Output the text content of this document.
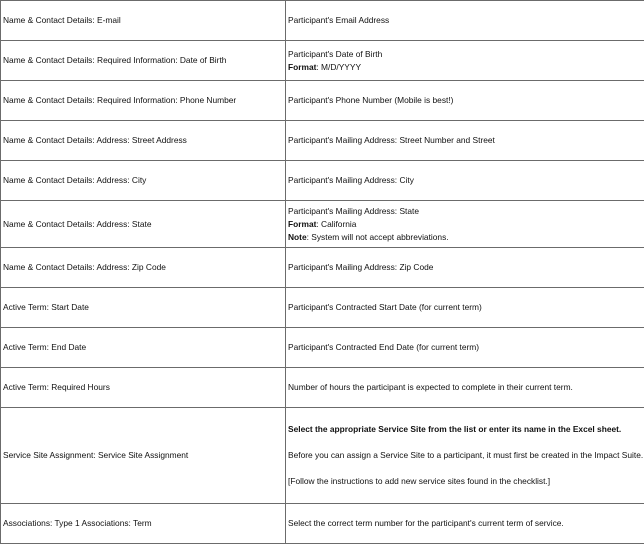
Name & Contact Details: E-mail	Participant's Email Address
Name & Contact Details: Required Information: Date of Birth	Participant's Date of Birth

Format: M/D/YYYY

Name & Contact Details: Required Information: Phone Number	Participant's Phone Number (Mobile is best!)
Name & Contact Details: Address: Street Address	Participant's Mailing Address: Street Number and Street
Name & Contact Details: Address: City	Participant's Mailing Address: City
Name & Contact Details: Address: State	Participant's Mailing Address: State

Format: California

Note: System will not accept abbreviations.

Name & Contact Details: Address: Zip Code	Participant's Mailing Address: Zip Code
Active Term: Start Date	Participant's Contracted Start Date (for current term)
Active Term: End Date	Participant's Contracted End Date (for current term)
Active Term: Required Hours	Number of hours the participant is expected to complete in their current term.
Service Site Assignment: Service Site Assignment	Select the appropriate Service Site from the list or enter its name in the Excel sheet.

Before you can assign a Service Site to a participant, it must first be created in the Impact Suite.

[Follow the instructions to add new service sites found in the checklist.]

Associations: Type 1 Associations: Term	Select the correct term number for the participant's current term of service.
